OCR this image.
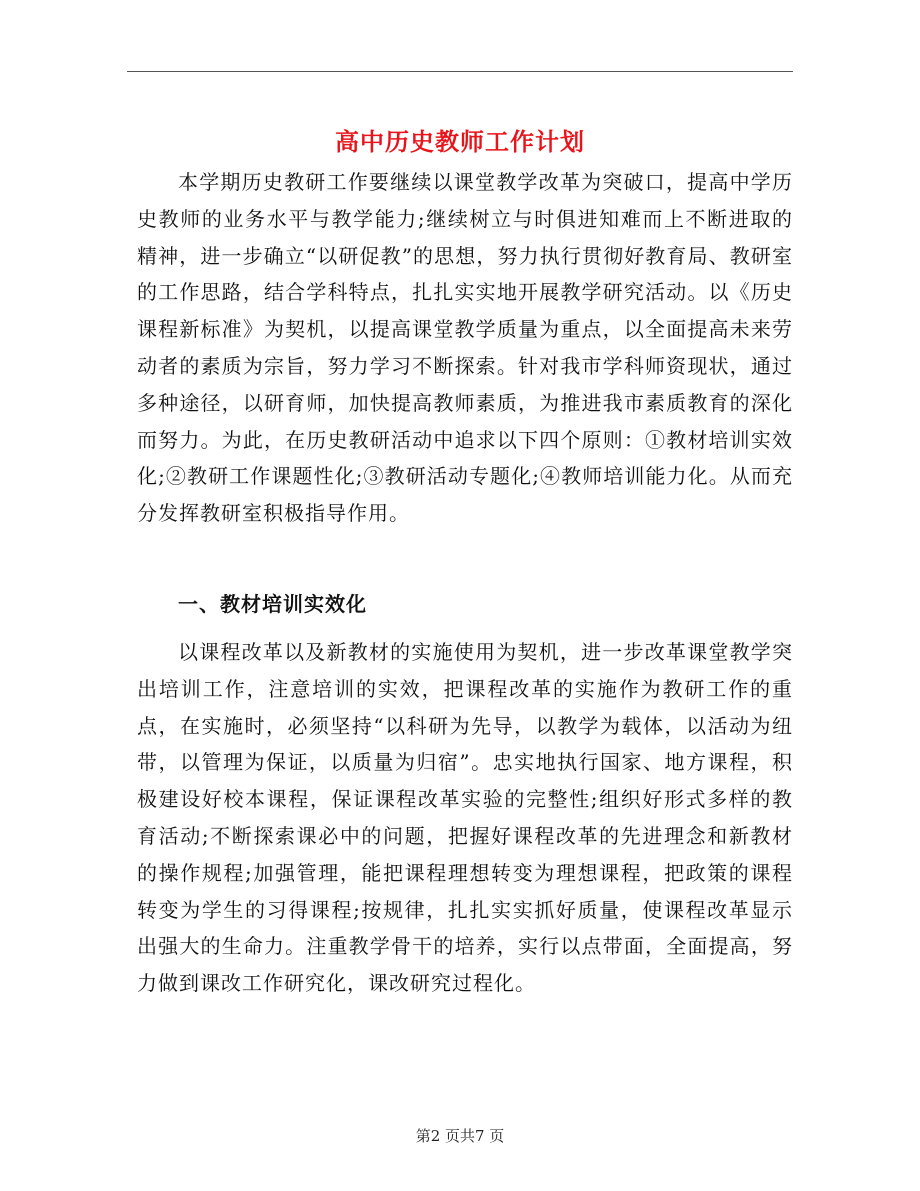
高中历史教师工作计划

本学期历史教研工作要继续以课堂教学改革为突破口，提高中学历史教师的业务水平与教学能力;继续树立与时俱进知难而上不断进取的精神，进一步确立“以研促教”的思想，努力执行贯彻好教育局、教研室的工作思路，结合学科特点，扎扎实实地开展教学研究活动。以《历史课程新标准》为契机，以提高课堂教学质量为重点，以全面提高未来劳动者的素质为宗旨，努力学习不断探索。针对我市学科师资现状，通过多种途径，以研育师，加快提高教师素质，为推进我市素质教育的深化而努力。为此，在历史教研活动中追求以下四个原则：①教材培训实效化;②教研工作课题性化;③教研活动专题化;④教师培训能力化。从而充分发挥教研室积极指导作用。

一、教材培训实效化

以课程改革以及新教材的实施使用为契机，进一步改革课堂教学突出培训工作，注意培训的实效，把课程改革的实施作为教研工作的重点，在实施时，必须坚持“以科研为先导，以教学为载体，以活动为纽带，以管理为保证，以质量为归宿”。忠实地执行国家、地方课程，积极建设好校本课程，保证课程改革实验的完整性;组织好形式多样的教育活动;不断探索课必中的问题，把握好课程改革的先进理念和新教材的操作规程;加强管理，能把课程理想转变为理想课程，把政策的课程转变为学生的习得课程;按规律，扎扎实实抓好质量，使课程改革显示出强大的生命力。注重教学骨干的培养，实行以点带面，全面提高，努力做到课改工作研究化，课改研究过程化。

第2 页共7 页
